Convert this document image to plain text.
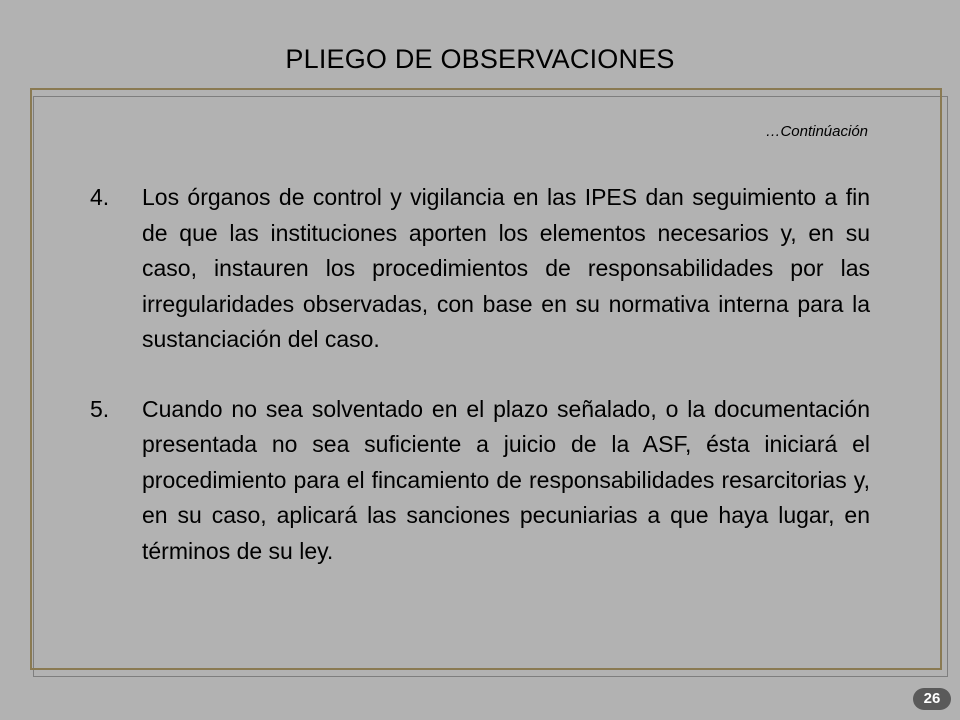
PLIEGO DE OBSERVACIONES
…Continúación
4.	Los órganos de control y vigilancia en las IPES dan seguimiento a fin de que las instituciones aporten los elementos necesarios y, en su caso, instauren los procedimientos de responsabilidades por las irregularidades observadas, con base en su normativa interna para la sustanciación del caso.
5.	Cuando no sea solventado en el plazo señalado, o la documentación presentada no sea suficiente a juicio de la ASF, ésta iniciará el procedimiento para el fincamiento de responsabilidades resarcitorias y, en su caso, aplicará las sanciones pecuniarias a que haya lugar, en términos de su ley.
26
